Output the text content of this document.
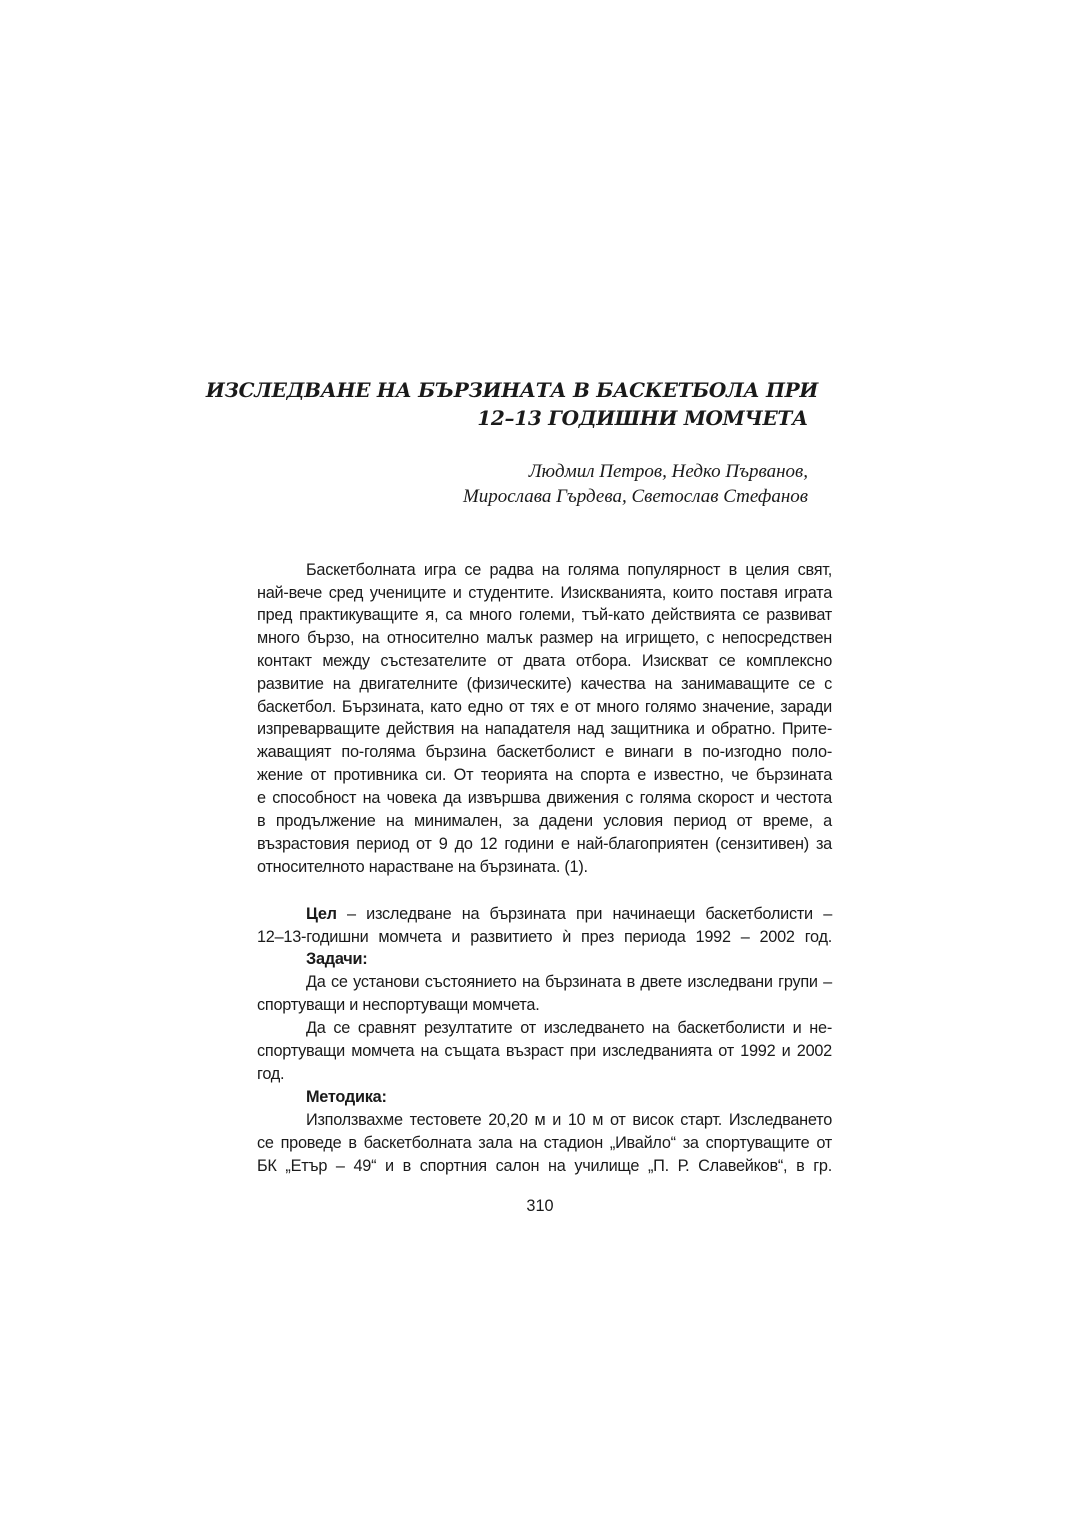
ИЗСЛЕДВАНЕ НА БЪРЗИНАТА В БАСКЕТБОЛА ПРИ
12–13 ГОДИШНИ МОМЧЕТА
Людмил Петров, Недко Първанов,
Мирослава Гърдева, Светослав Стефанов
Баскетболната игра се радва на голяма популярност в целия свят,
най-вече сред учениците и студентите. Изискванията, които поставя играта
пред практикуващите я, са много големи, тъй-като действията се развиват
много бързо, на относително малък размер на игрището, с непосредствен
контакт между състезателите от двата отбора. Изискват се комплексно
развитие на двигателните (физическите) качества на занимаващите се с
баскетбол. Бързината, като едно от тях е от много голямо значение, заради
изпреварващите действия на нападателя над защитника и обратно. Прите-
жаващият по-голяма бързина баскетболист е винаги в по-изгодно поло-
жение от противника си. От теорията на спорта е известно, че бързината
е способност на човека да извършва движения с голяма скорост и честота
в продължение на минимален, за дадени условия период от време, а
възрастовия период от 9 до 12 години е най-благоприятен (сензитивен) за
относителното нарастване на бързината. (1).
Цел – изследване на бързината при начинаещи баскетболисти –
12–13-годишни момчета и развитието ѝ през периода 1992 – 2002 год.
Задачи:
Да се установи състоянието на бързината в двете изследвани групи –
спортуващи и неспортуващи момчета.
Да се сравнят резултатите от изследването на баскетболисти и не-
спортуващи момчета на същата възраст при изследванията от 1992 и 2002
год.
Методика:
Използвахме тестовете 20,20 м и 10 м от висок старт. Изследването
се проведе в баскетболната зала на стадион „Ивайло“ за спортуващите от
БК „Етър – 49“ и в спортния салон на училище „П. Р. Славейков“, в гр.
310
